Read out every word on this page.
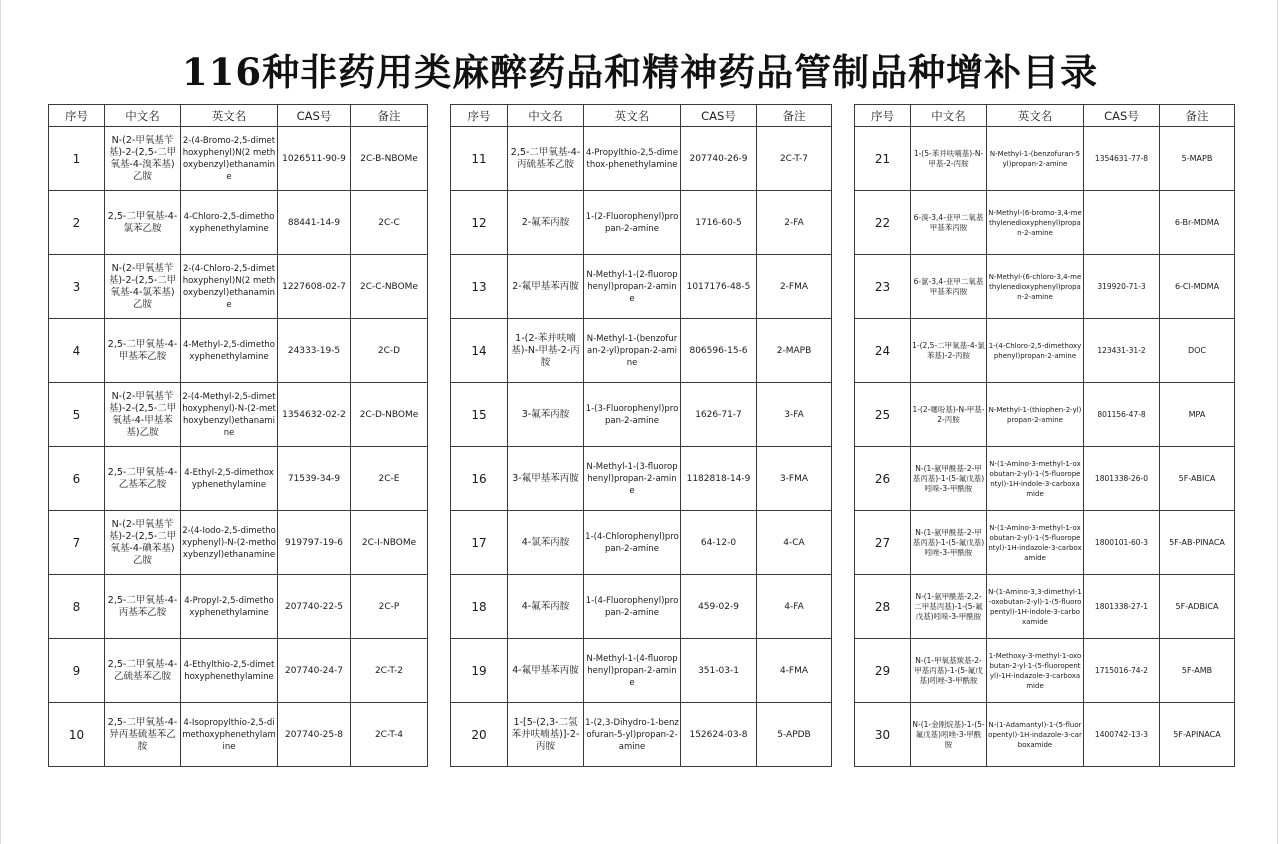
116种非药用类麻醉药品和精神药品管制品种增补目录
序号	中文名	英文名	CAS号	备注		序号	中文名	英文名	CAS号	备注		序号	中文名	英文名	CAS号	备注
1	N-(2-甲氧基苄基)-2-(2,5-二甲氧基-4-溴苯基)乙胺	2-(4-Bromo-2,5-dimethoxyphenyl)N(2 methoxybenzyl)ethanamine	1026511-90-9	2C-B-NBOMe		11	2,5-二甲氧基-4-丙硫基苯乙胺	4-Propylthio-2,5-dimethox-phenethylamine	207740-26-9	2C-T-7		21	1-(5-苯并呋喃基)-N-甲基-2-丙胺	N-Methyl-1-(benzofuran-5yl)propan-2-amine	1354631-77-8	5-MAPB
2	2,5-二甲氧基-4-氯苯乙胺	4-Chloro-2,5-dimethoxyphenethylamine	88441-14-9	2C-C		12	2-氟苯丙胺	1-(2-Fluorophenyl)propan-2-amine	1716-60-5	2-FA		22	6-溴-3,4-亚甲二氧基甲基苯丙胺	N-Methyl-(6-bromo-3,4-methylenedioxyphenyl)propan-2-amine		6-Br-MDMA
3	N-(2-甲氧基苄基)-2-(2,5-二甲氧基-4-氯苯基)乙胺	2-(4-Chloro-2,5-dimethoxyphenyl)N(2 methoxybenzyl)ethanamine	1227608-02-7	2C-C-NBOMe		13	2-氟甲基苯丙胺	N-Methyl-1-(2-fluorophenyl)propan-2-amine	1017176-48-5	2-FMA		23	6-氯-3,4-亚甲二氧基甲基苯丙胺	N-Methyl-(6-chloro-3,4-methylenedioxyphenyl)propan-2-amine	319920-71-3	6-Cl-MDMA
4	2,5-二甲氧基-4-甲基苯乙胺	4-Methyl-2,5-dimethoxyphenethylamine	24333-19-5	2C-D		14	1-(2-苯并呋喃基)-N-甲基-2-丙胺	N-Methyl-1-(benzofuran-2-yl)propan-2-amine	806596-15-6	2-MAPB		24	1-(2,5-二甲氧基-4-氯苯基)-2-丙胺	1-(4-Chloro-2,5-dimethoxyphenyl)propan-2-amine	123431-31-2	DOC
5	N-(2-甲氧基苄基)-2-(2,5-二甲氧基-4-甲基苯基)乙胺	2-(4-Methyl-2,5-dimethoxyphenyl)-N-(2-methoxybenzyl)ethanamine	1354632-02-2	2C-D-NBOMe		15	3-氟苯丙胺	1-(3-Fluorophenyl)propan-2-amine	1626-71-7	3-FA		25	1-(2-噻吩基)-N-甲基-2-丙胺	N-Methyl-1-(thiophen-2-yl)propan-2-amine	801156-47-8	MPA
6	2,5-二甲氧基-4-乙基苯乙胺	4-Ethyl-2,5-dimethoxyphenethylamine	71539-34-9	2C-E		16	3-氟甲基苯丙胺	N-Methyl-1-(3-fluorophenyl)propan-2-amine	1182818-14-9	3-FMA		26	N-(1-氨甲酰基-2-甲基丙基)-1-(5-氟戊基)吲哚-3-甲酰胺	N-(1-Amino-3-methyl-1-oxobutan-2-yl)-1-(5-fluoropentyl)-1H-indole-3-carboxamide	1801338-26-0	5F-ABICA
7	N-(2-甲氧基苄基)-2-(2,5-二甲氧基-4-碘苯基)乙胺	2-(4-Iodo-2,5-dimethoxyphenyl)-N-(2-methoxybenzyl)ethanamine	919797-19-6	2C-I-NBOMe		17	4-氯苯丙胺	1-(4-Chlorophenyl)propan-2-amine	64-12-0	4-CA		27	N-(1-氨甲酰基-2-甲基丙基)-1-(5-氟戊基)吲唑-3-甲酰胺	N-(1-Amino-3-methyl-1-oxobutan-2-yl)-1-(5-fluoropentyl)-1H-indazole-3-carboxamide	1800101-60-3	5F-AB-PINACA
8	2,5-二甲氧基-4-丙基苯乙胺	4-Propyl-2,5-dimethoxyphenethylamine	207740-22-5	2C-P		18	4-氟苯丙胺	1-(4-Fluorophenyl)propan-2-amine	459-02-9	4-FA		28	N-(1-氨甲酰基-2,2-二甲基丙基)-1-(5-氟戊基)吲哚-3-甲酰胺	N-(1-Amino-3,3-dimethyl-1-oxobutan-2-yl)-1-(5-fluoropentyl)-1H-indole-3-carboxamide	1801338-27-1	5F-ADBICA
9	2,5-二甲氧基-4-乙硫基苯乙胺	4-Ethylthio-2,5-dimethoxyphenethylamine	207740-24-7	2C-T-2		19	4-氟甲基苯丙胺	N-Methyl-1-(4-fluorophenyl)propan-2-amine	351-03-1	4-FMA		29	N-(1-甲氧基羰基-2-甲基丙基)-1-(5-氟戊基)吲唑-3-甲酰胺	1-Methoxy-3-methyl-1-oxobutan-2-yl-1-(5-fluoropentyl)-1H-indazole-3-carboxamide	1715016-74-2	5F-AMB
10	2,5-二甲氧基-4-异丙基硫基苯乙胺	4-Isopropylthio-2,5-dimethoxyphenethylamine	207740-25-8	2C-T-4		20	1-[5-(2,3-二氢苯并呋喃基)]-2-丙胺	1-(2,3-Dihydro-1-benzofuran-5-yl)propan-2-amine	152624-03-8	5-APDB		30	N-(1-金刚烷基)-1-(5-氟戊基)吲唑-3-甲酰胺	N-(1-Adamantyl)-1-(5-fluoropentyl)-1H-indazole-3-carboxamide	1400742-13-3	5F-APINACA
